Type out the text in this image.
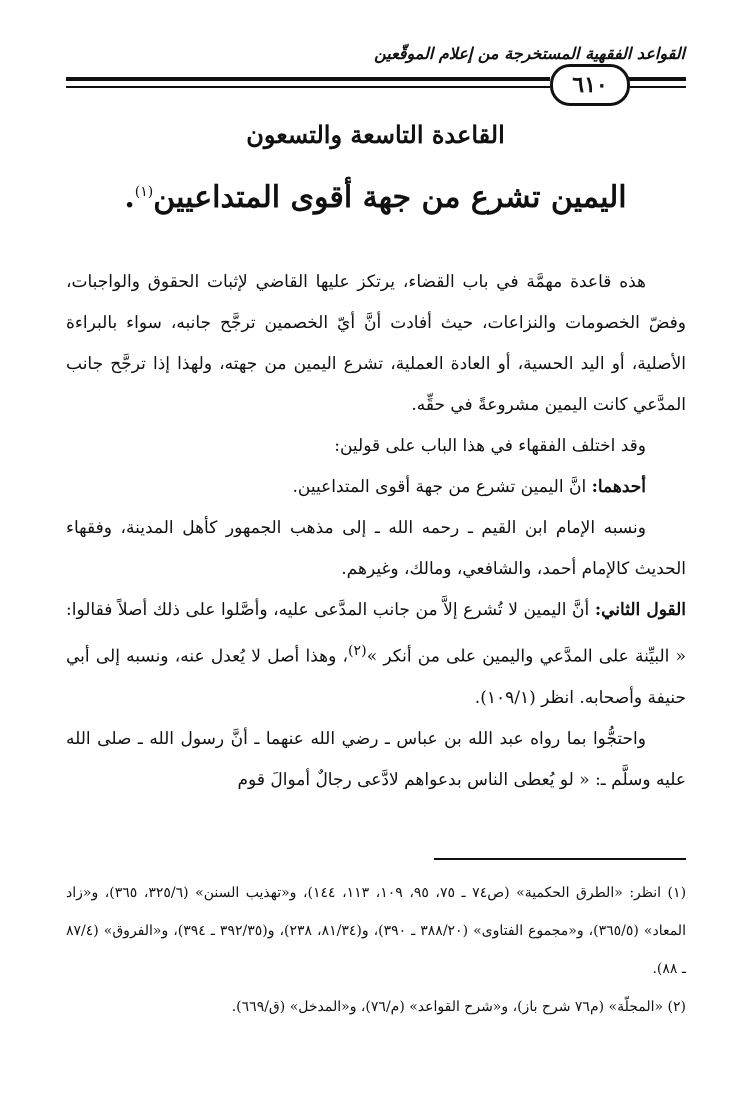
القواعد الفقهية المستخرجة من إعلام الموقّعين
٦١٠
القاعدة التاسعة والتسعون
اليمين تشرع من جهة أقوى المتداعيين$^{(١)}$.

هذه قاعدة مهمَّة في باب القضاء، يرتكز عليها القاضي لإثبات الحقوق والواجبات، وفضّ الخصومات والنزاعات، حيث أفادت أنَّ أيّ الخصمين ترجَّح جانبه، سواء بالبراءة الأصلية، أو اليد الحسية، أو العادة العملية، تشرع اليمين من جهته، ولهذا إذا ترجَّح جانب المدَّعي كانت اليمين مشروعةً في حقِّه.

وقد اختلف الفقهاء في هذا الباب على قولين:

أحدهما: انَّ اليمين تشرع من جهة أقوى المتداعيين.

ونسبه الإمام ابن القيم ـ رحمه الله ـ إلى مذهب الجمهور كأهل المدينة، وفقهاء الحديث كالإمام أحمد، والشافعي، ومالك، وغيرهم.

القول الثاني: أنَّ اليمين لا تُشرع إلاَّ من جانب المدَّعى عليه، وأصَّلوا على ذلك أصلاً فقالوا: « البيِّنة على المدَّعي واليمين على من أنكر »$^{(٢)}$، وهذا أصل لا يُعدل عنه، ونسبه إلى أبي حنيفة وأصحابه. انظر (١٠٩/١).

واحتجُّوا بما رواه عبد الله بن عباس ـ رضي الله عنهما ـ أنَّ رسول الله ـ صلى الله عليه وسلَّم ـ: « لو يُعطى الناس بدعواهم لادَّعى رجالٌ أموالَ قوم

(١) انظر: «الطرق الحكمية» (ص٧٤ ـ ٧٥، ٩٥، ١٠٩، ١١٣، ١٤٤)، و«تهذيب السنن» (٣٢٥/٦، ٣٦٥)، و«زاد المعاد» (٣٦٥/٥)، و«مجموع الفتاوى» (٣٨٨/٢٠ ـ ٣٩٠)، و(٨١/٣٤، ٢٣٨)، و(٣٩٢/٣٥ ـ ٣٩٤)، و«الفروق» (٨٧/٤ ـ ٨٨).

(٢) «المجلّة» (م٧٦ شرح باز)، و«شرح القواعد» (م/٧٦)، و«المدخل» (ق/٦٦٩).
